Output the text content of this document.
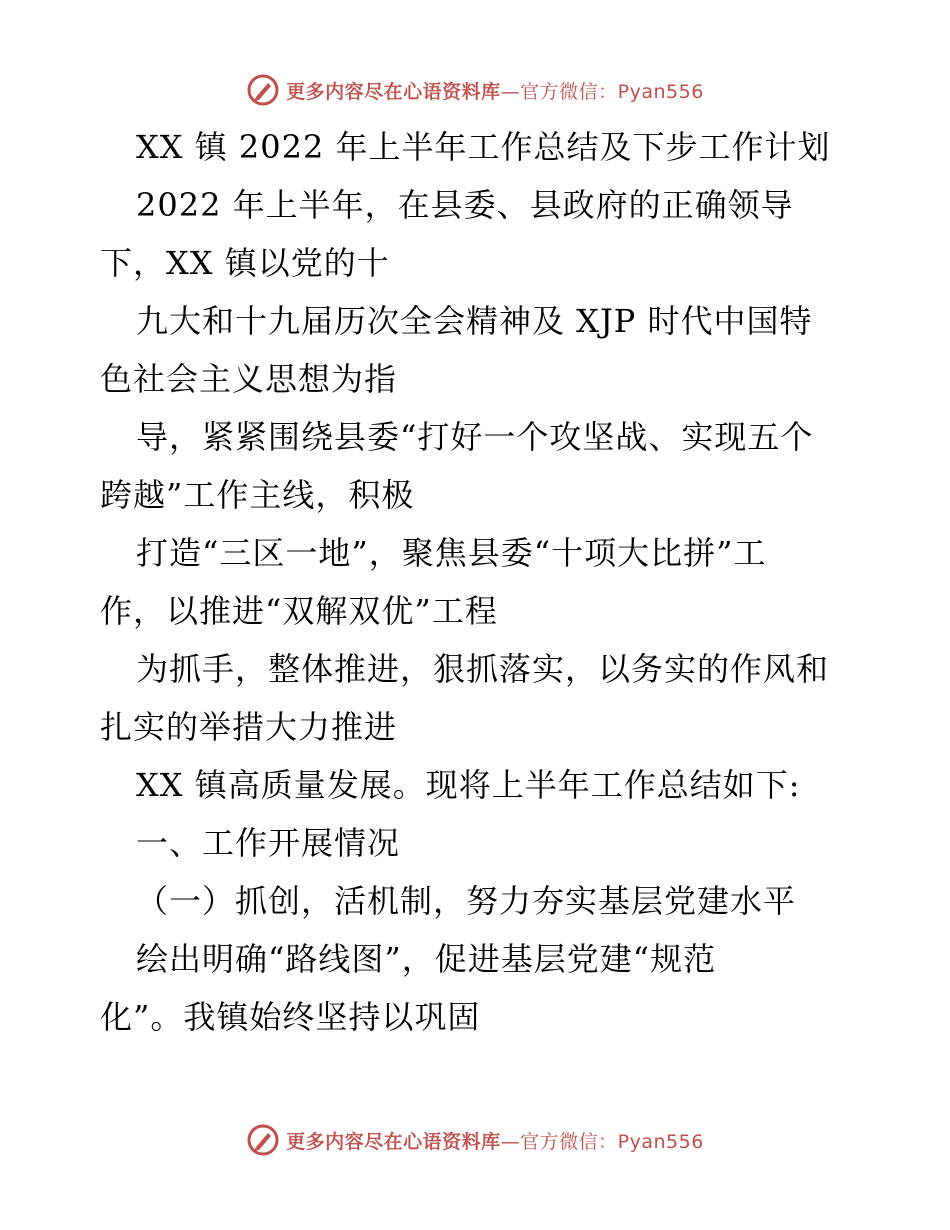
更多内容尽在心语资料库—官方微信：Pyan556
XX 镇 2022 年上半年工作总结及下步工作计划
2022 年上半年，在县委、县政府的正确领导
下，XX 镇以党的十
九大和十九届历次全会精神及 XJP 时代中国特
色社会主义思想为指
导，紧紧围绕县委“打好一个攻坚战、实现五个
跨越”工作主线，积极
打造“三区一地”，聚焦县委“十项大比拼”工
作，以推进“双解双优”工程
为抓手，整体推进，狠抓落实，以务实的作风和
扎实的举措大力推进
XX 镇高质量发展。现将上半年工作总结如下:
一、工作开展情况
（一）抓创，活机制，努力夯实基层党建水平
绘出明确“路线图”，促进基层党建“规范
化”。我镇始终坚持以巩固
更多内容尽在心语资料库—官方微信：Pyan556
